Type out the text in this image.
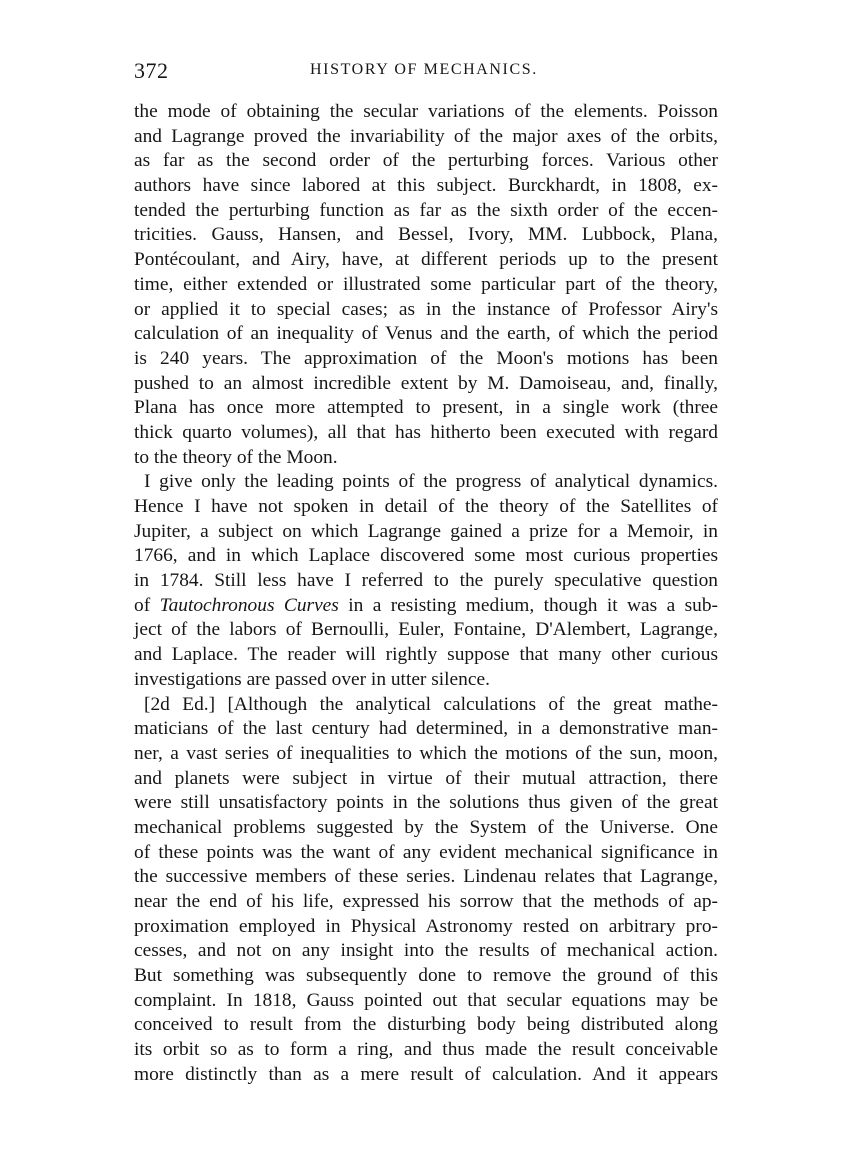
372	HISTORY OF MECHANICS.
the mode of obtaining the secular variations of the elements. Poisson
and Lagrange proved the invariability of the major axes of the orbits,
as far as the second order of the perturbing forces. Various other
authors have since labored at this subject. Burckhardt, in 1808, ex-
tended the perturbing function as far as the sixth order of the eccen-
tricities. Gauss, Hansen, and Bessel, Ivory, MM. Lubbock, Plana,
Pontécoulant, and Airy, have, at different periods up to the present
time, either extended or illustrated some particular part of the theory,
or applied it to special cases; as in the instance of Professor Airy's
calculation of an inequality of Venus and the earth, of which the period
is 240 years. The approximation of the Moon's motions has been
pushed to an almost incredible extent by M. Damoiseau, and, finally,
Plana has once more attempted to present, in a single work (three
thick quarto volumes), all that has hitherto been executed with regard
to the theory of the Moon.
I give only the leading points of the progress of analytical dynamics.
Hence I have not spoken in detail of the theory of the Satellites of
Jupiter, a subject on which Lagrange gained a prize for a Memoir, in
1766, and in which Laplace discovered some most curious properties
in 1784. Still less have I referred to the purely speculative question
of Tautochronous Curves in a resisting medium, though it was a sub-
ject of the labors of Bernoulli, Euler, Fontaine, D'Alembert, Lagrange,
and Laplace. The reader will rightly suppose that many other curious
investigations are passed over in utter silence.
[2d Ed.] [Although the analytical calculations of the great mathe-
maticians of the last century had determined, in a demonstrative man-
ner, a vast series of inequalities to which the motions of the sun, moon,
and planets were subject in virtue of their mutual attraction, there
were still unsatisfactory points in the solutions thus given of the great
mechanical problems suggested by the System of the Universe. One
of these points was the want of any evident mechanical significance in
the successive members of these series. Lindenau relates that Lagrange,
near the end of his life, expressed his sorrow that the methods of ap-
proximation employed in Physical Astronomy rested on arbitrary pro-
cesses, and not on any insight into the results of mechanical action.
But something was subsequently done to remove the ground of this
complaint. In 1818, Gauss pointed out that secular equations may be
conceived to result from the disturbing body being distributed along
its orbit so as to form a ring, and thus made the result conceivable
more distinctly than as a mere result of calculation. And it appears
